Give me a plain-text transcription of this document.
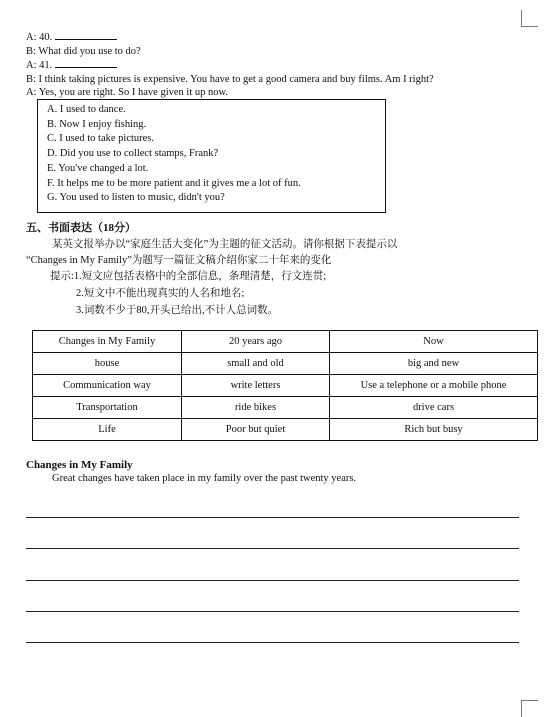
A: 40.
B: What did you use to do?
A: 41.
B: I think taking pictures is expensive. You have to get a good camera and buy films. Am I right?
A: Yes, you are right. So I have given it up now.
A. I used to dance.
B. Now I enjoy fishing.
C. I used to take pictures.
D. Did you use to collect stamps, Frank?
E. You've changed a lot.
F. It helps me to be more patient and it gives me a lot of fun.
G. You used to listen to music, didn't you?
五、书面表达（18分）
某英文报举办以“家庭生活大变化”为主题的征文活动。请你根据下表提示以
“Changes in My Family”为题写一篇征文稿介绍你家二十年来的变化
提示:1.短文应包括表格中的全部信息，条理清楚，行文连贯;
2.短文中不能出现真实的人名和地名;
3.词数不少于80,开头已给出,不计人总词数。
Changes in My Family	20 years ago	Now
house	small and old	big and new
Communication way	write letters	Use a telephone or a mobile phone
Transportation	ride bikes	drive cars
Life	Poor but quiet	Rich but busy
Changes in My Family
Great changes have taken place in my family over the past twenty years.
